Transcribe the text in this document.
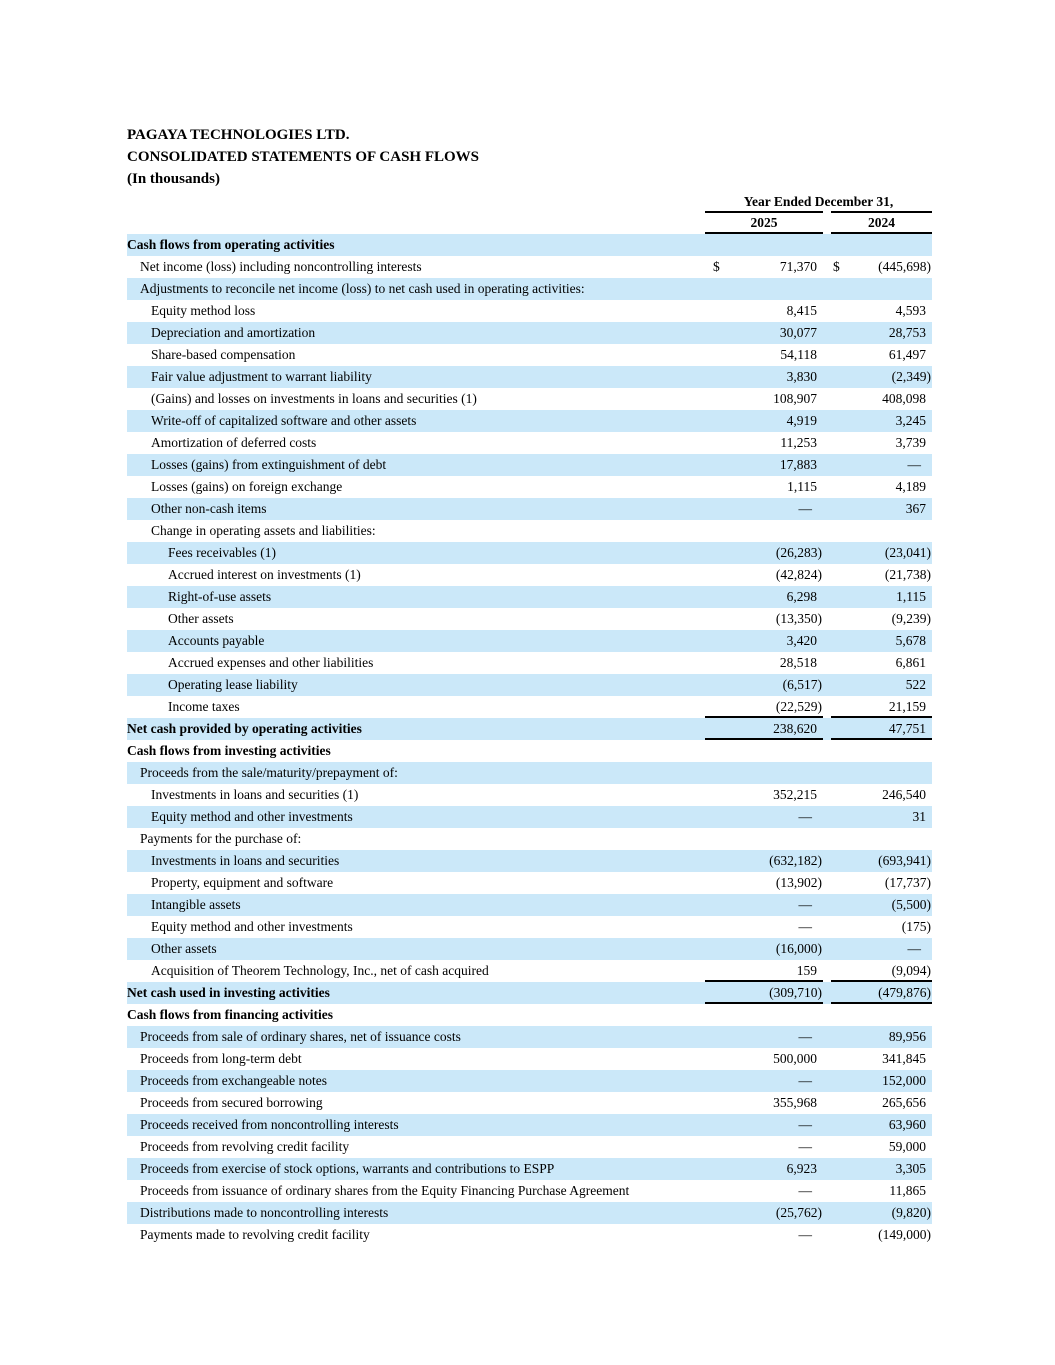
PAGAYA TECHNOLOGIES LTD.
CONSOLIDATED STATEMENTS OF CASH FLOWS
(In thousands)
Year Ended December 31,
2025	2024
Cash flows from operating activities
Net income (loss) including noncontrolling interests	$	71,370	$	(445,698)
Adjustments to reconcile net income (loss) to net cash used in operating activities:
Equity method loss	8,415	4,593
Depreciation and amortization	30,077	28,753
Share-based compensation	54,118	61,497
Fair value adjustment to warrant liability	3,830	(2,349)
(Gains) and losses on investments in loans and securities (1)	108,907	408,098
Write-off of capitalized software and other assets	4,919	3,245
Amortization of deferred costs	11,253	3,739
Losses (gains) from extinguishment of debt	17,883	—
Losses (gains) on foreign exchange	1,115	4,189
Other non-cash items	—	367
Change in operating assets and liabilities:
Fees receivables (1)	(26,283)	(23,041)
Accrued interest on investments (1)	(42,824)	(21,738)
Right-of-use assets	6,298	1,115
Other assets	(13,350)	(9,239)
Accounts payable	3,420	5,678
Accrued expenses and other liabilities	28,518	6,861
Operating lease liability	(6,517)	522
Income taxes	(22,529)	21,159
Net cash provided by operating activities	238,620	47,751
Cash flows from investing activities
Proceeds from the sale/maturity/prepayment of:
Investments in loans and securities (1)	352,215	246,540
Equity method and other investments	—	31
Payments for the purchase of:
Investments in loans and securities	(632,182)	(693,941)
Property, equipment and software	(13,902)	(17,737)
Intangible assets	—	(5,500)
Equity method and other investments	—	(175)
Other assets	(16,000)	—
Acquisition of Theorem Technology, Inc., net of cash acquired	159	(9,094)
Net cash used in investing activities	(309,710)	(479,876)
Cash flows from financing activities
Proceeds from sale of ordinary shares, net of issuance costs	—	89,956
Proceeds from long-term debt	500,000	341,845
Proceeds from exchangeable notes	—	152,000
Proceeds from secured borrowing	355,968	265,656
Proceeds received from noncontrolling interests	—	63,960
Proceeds from revolving credit facility	—	59,000
Proceeds from exercise of stock options, warrants and contributions to ESPP	6,923	3,305
Proceeds from issuance of ordinary shares from the Equity Financing Purchase Agreement	—	11,865
Distributions made to noncontrolling interests	(25,762)	(9,820)
Payments made to revolving credit facility	—	(149,000)
